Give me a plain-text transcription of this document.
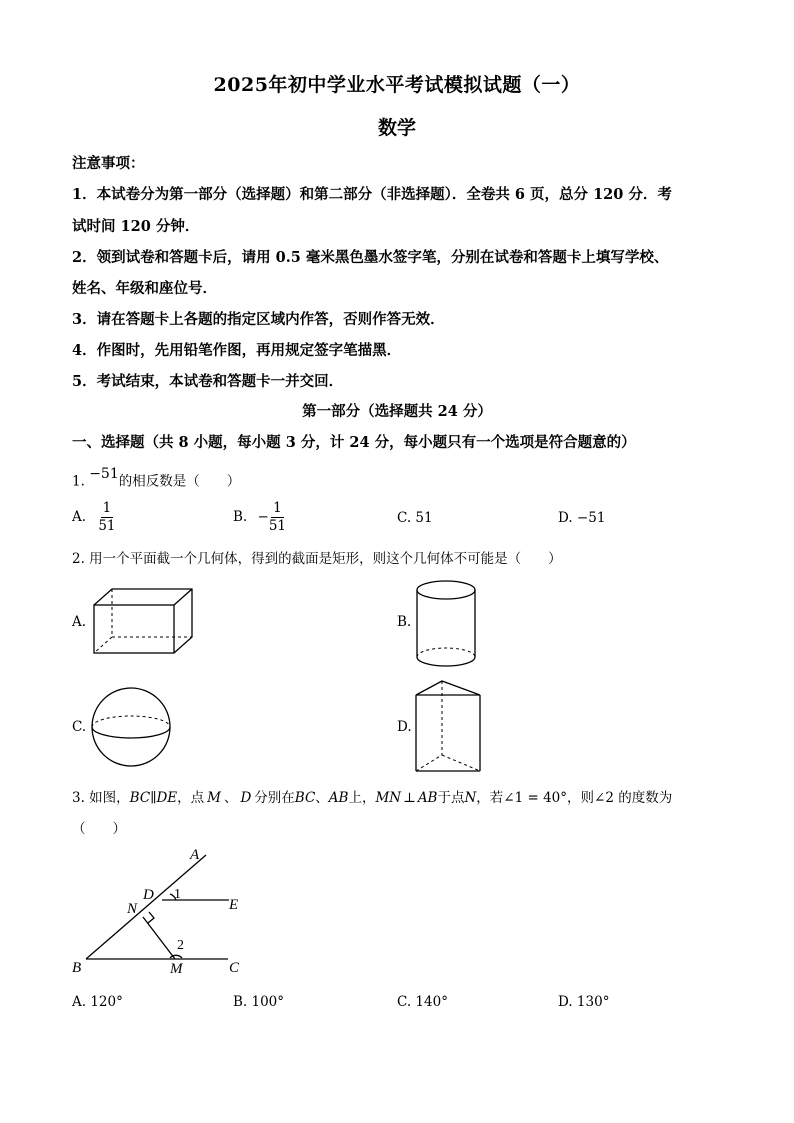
2025年初中学业水平考试模拟试题（一）
数学
注意事项：
1．本试卷分为第一部分（选择题）和第二部分（非选择题）．全卷共 6 页，总分 120 分．考
试时间 120 分钟．
2．领到试卷和答题卡后，请用 0.5 毫米黑色墨水签字笔，分别在试卷和答题卡上填写学校、
姓名、年级和座位号．
3．请在答题卡上各题的指定区域内作答，否则作答无效．
4．作图时，先用铅笔作图，再用规定签字笔描黑．
5．考试结束，本试卷和答题卡一并交回．
第一部分（选择题共 24 分）
一、选择题（共 8 小题，每小题 3 分，计 24 分，每小题只有一个选项是符合题意的）
1. $^{-51}$的相反数是（　　）
A. $\frac{1}{51}$	B. − $\frac{1}{51}$	C. 51	D. −51
2. 用一个平面截一个几何体，得到的截面是矩形，则这个几何体不可能是（　　）
A.	B.
C.	D.
3. 如图，BC∥DE，点 M 、 D 分别在BC、AB上，MN ⊥ AB于点N，若∠1 = 40°，则∠2 的度数为
（　　）
A
B	C
D
E
M
N
1
2
A. 120°	B. 100°	C. 140°	D. 130°
